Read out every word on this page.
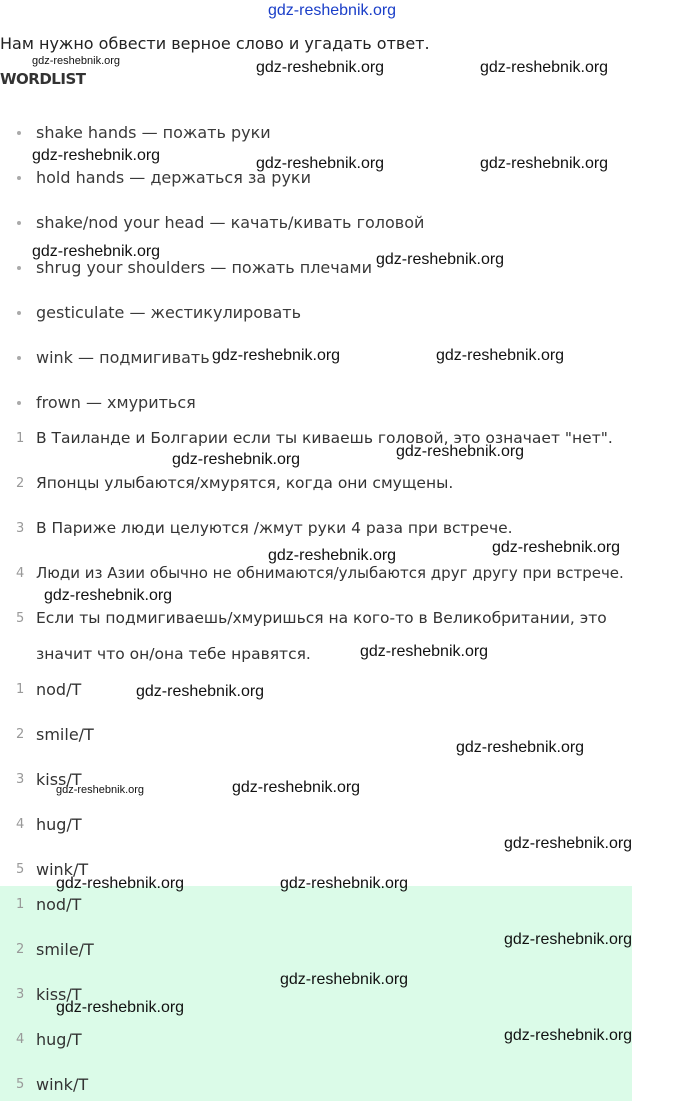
gdz-reshebnik.org
Нам нужно обвести верное слово и угадать ответ.
WORDLIST
shake hands — пожать руки
hold hands — держаться за руки
shake/nod your head — качать/кивать головой
shrug your shoulders — пожать плечами
gesticulate — жестикулировать
wink — подмигивать
frown — хмуриться
1 В Таиланде и Болгарии если ты киваешь головой, это означает "нет".
2 Японцы улыбаются/хмурятся, когда они смущены.
3 В Париже люди целуются /жмут руки 4 раза при встрече.
4 Люди из Азии обычно не обнимаются/улыбаются друг другу при встрече.
5 Если ты подмигиваешь/хмуришься на кого-то в Великобритании, это
значит что он/она тебе нравятся.
1 nod/T
2 smile/T
3 kiss/T
4 hug/T
5 wink/T
1 nod/T
2 smile/T
3 kiss/T
4 hug/T
5 wink/T
gdz-reshebnik.org	gdz-reshebnik.org	gdz-reshebnik.org
gdz-reshebnik.org	gdz-reshebnik.org	gdz-reshebnik.org
gdz-reshebnik.org	gdz-reshebnik.org
gdz-reshebnik.org	gdz-reshebnik.org
gdz-reshebnik.org	gdz-reshebnik.org
gdz-reshebnik.org	gdz-reshebnik.org
gdz-reshebnik.org
gdz-reshebnik.org
gdz-reshebnik.org
gdz-reshebnik.org
gdz-reshebnik.org	gdz-reshebnik.org
gdz-reshebnik.org
gdz-reshebnik.org	gdz-reshebnik.org
gdz-reshebnik.org
gdz-reshebnik.org
gdz-reshebnik.org
gdz-reshebnik.org
